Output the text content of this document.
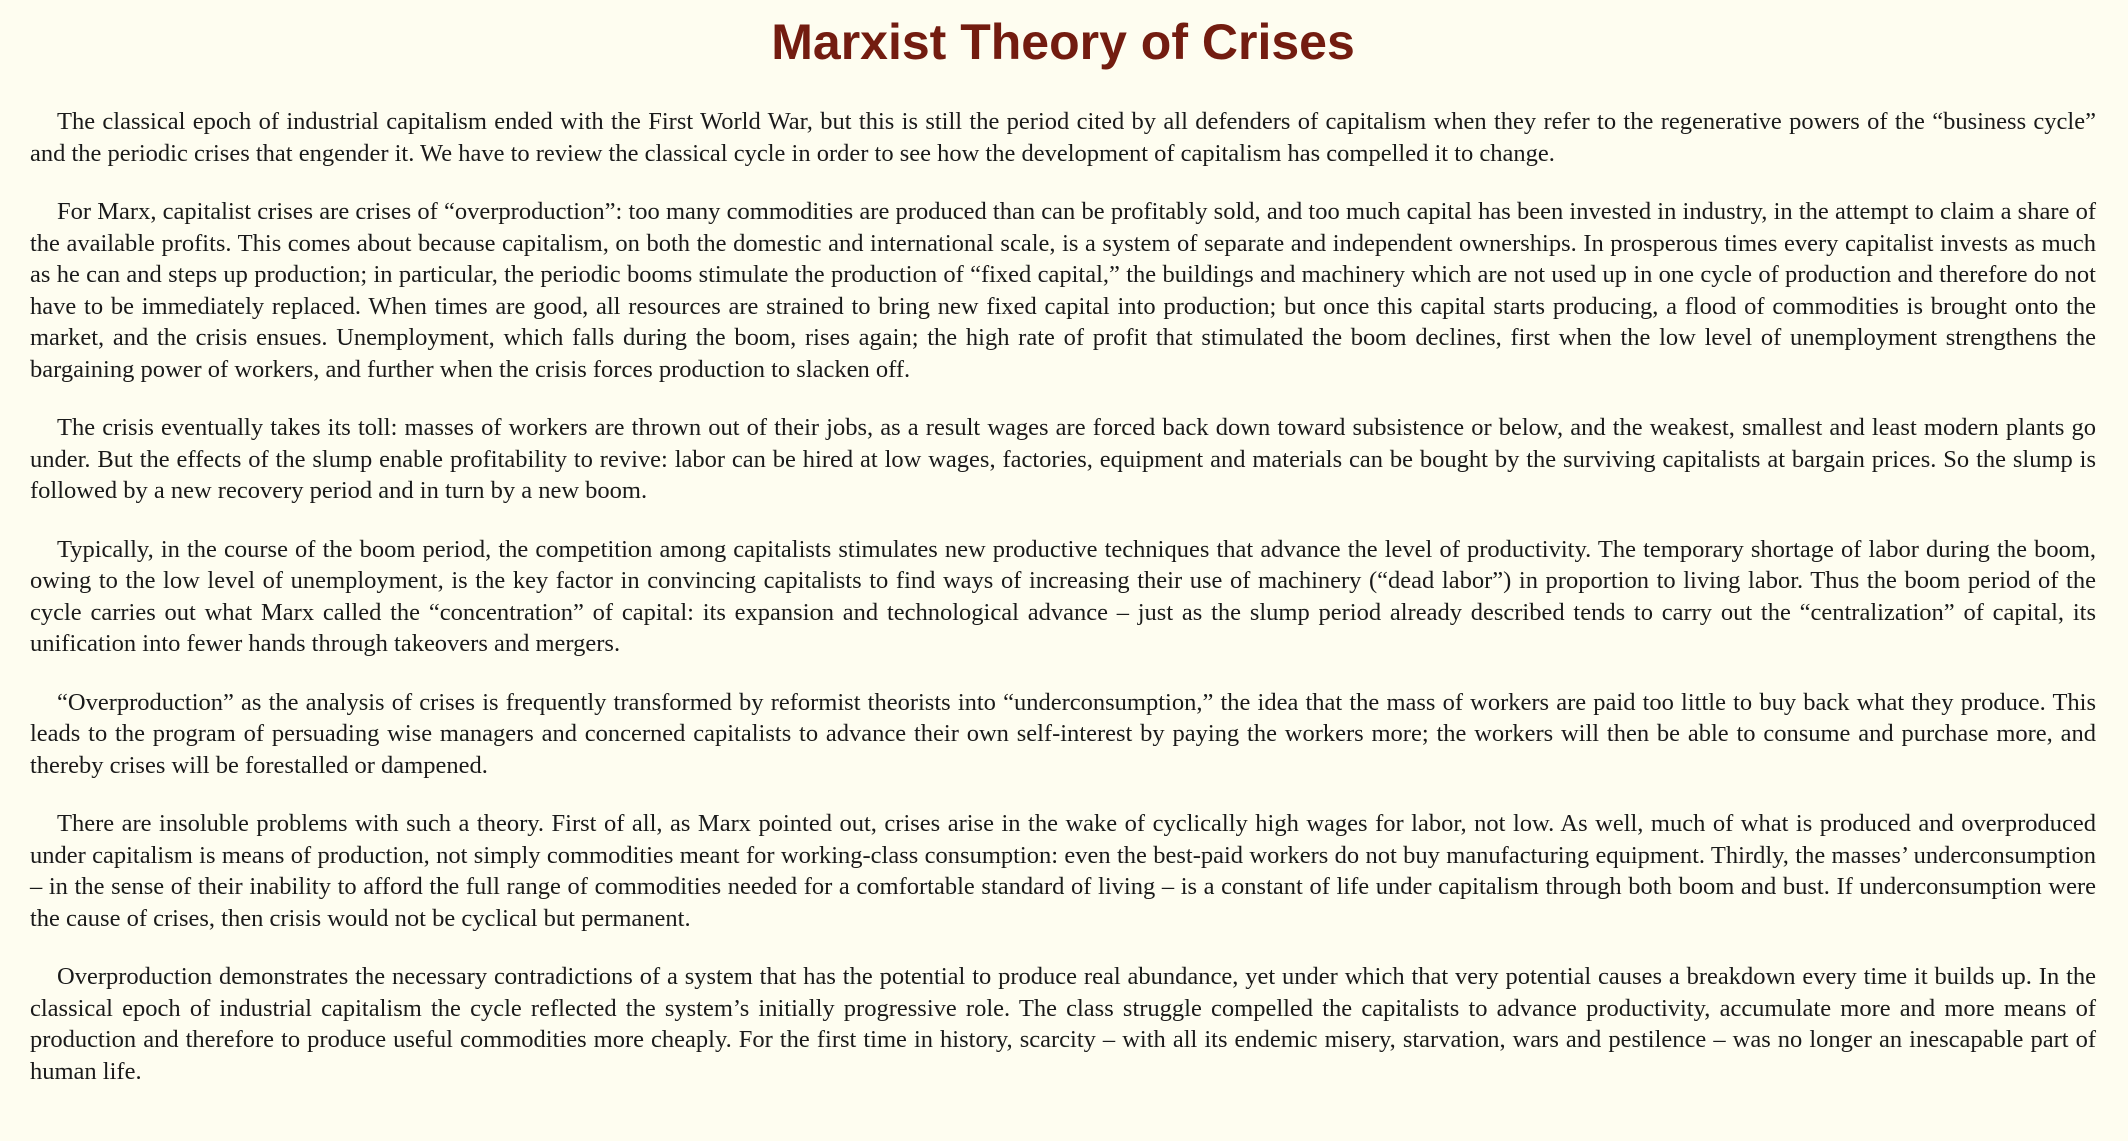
Marxist Theory of Crises

The classical epoch of industrial capitalism ended with the First World War, but this is still the period cited by all defenders of capitalism when they refer to the regenerative powers of the “business cycle” and the periodic crises that engender it. We have to review the classical cycle in order to see how the development of capitalism has compelled it to change.

For Marx, capitalist crises are crises of “overproduction”: too many commodities are produced than can be profitably sold, and too much capital has been invested in industry, in the attempt to claim a share of the available profits. This comes about because capitalism, on both the domestic and international scale, is a system of separate and independent ownerships. In prosperous times every capitalist invests as much as he can and steps up production; in particular, the periodic booms stimulate the production of “fixed capital,” the buildings and machinery which are not used up in one cycle of production and therefore do not have to be immediately replaced. When times are good, all resources are strained to bring new fixed capital into production; but once this capital starts producing, a flood of commodities is brought onto the market, and the crisis ensues. Unemployment, which falls during the boom, rises again; the high rate of profit that stimulated the boom declines, first when the low level of unemployment strengthens the bargaining power of workers, and further when the crisis forces production to slacken off.

The crisis eventually takes its toll: masses of workers are thrown out of their jobs, as a result wages are forced back down toward subsistence or below, and the weakest, smallest and least modern plants go under. But the effects of the slump enable profitability to revive: labor can be hired at low wages, factories, equipment and materials can be bought by the surviving capitalists at bargain prices. So the slump is followed by a new recovery period and in turn by a new boom.

Typically, in the course of the boom period, the competition among capitalists stimulates new productive techniques that advance the level of productivity. The temporary shortage of labor during the boom, owing to the low level of unemployment, is the key factor in convincing capitalists to find ways of increasing their use of machinery (“dead labor”) in proportion to living labor. Thus the boom period of the cycle carries out what Marx called the “concentration” of capital: its expansion and technological advance – just as the slump period already described tends to carry out the “centralization” of capital, its unification into fewer hands through takeovers and mergers.

“Overproduction” as the analysis of crises is frequently transformed by reformist theorists into “underconsumption,” the idea that the mass of workers are paid too little to buy back what they produce. This leads to the program of persuading wise managers and concerned capitalists to advance their own self-interest by paying the workers more; the workers will then be able to consume and purchase more, and thereby crises will be forestalled or dampened.

There are insoluble problems with such a theory. First of all, as Marx pointed out, crises arise in the wake of cyclically high wages for labor, not low. As well, much of what is produced and overproduced under capitalism is means of production, not simply commodities meant for working-class consumption: even the best-paid workers do not buy manufacturing equipment. Thirdly, the masses’ underconsumption – in the sense of their inability to afford the full range of commodities needed for a comfortable standard of living – is a constant of life under capitalism through both boom and bust. If underconsumption were the cause of crises, then crisis would not be cyclical but permanent.

Overproduction demonstrates the necessary contradictions of a system that has the potential to produce real abundance, yet under which that very potential causes a breakdown every time it builds up. In the classical epoch of industrial capitalism the cycle reflected the system’s initially progressive role. The class struggle compelled the capitalists to advance productivity, accumulate more and more means of production and therefore to produce useful commodities more cheaply. For the first time in history, scarcity – with all its endemic misery, starvation, wars and pestilence – was no longer an inescapable part of human life.
